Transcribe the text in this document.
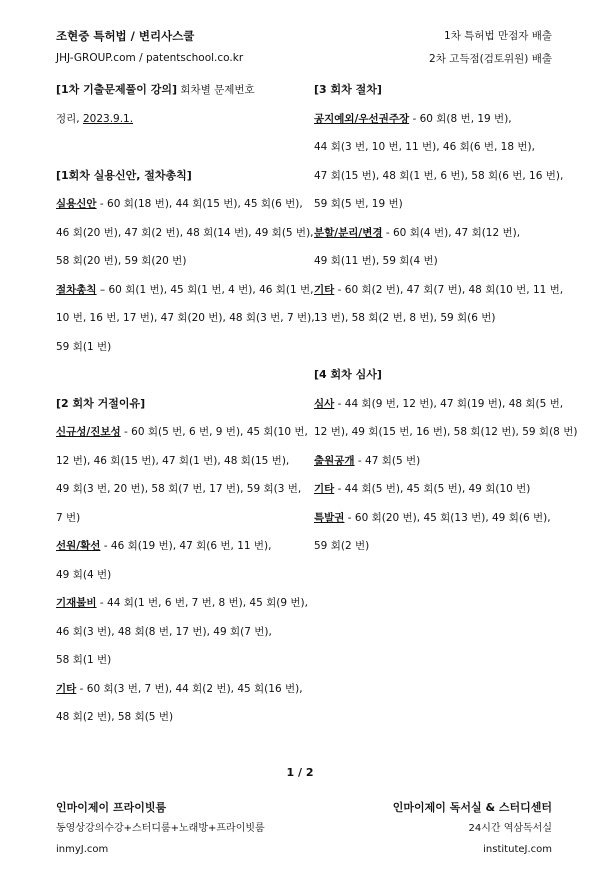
조현중 특허법 / 변리사스쿨
JHJ-GROUP.com / patentschool.co.kr
1차 특허법 만점자 배출
2차 고득점(검토위원) 배출
[1차 기출문제풀이 강의] 회차별 문제번호
정리, 2023.9.1.
[1회차 실용신안, 절차총칙]
실용신안 - 60 회(18 번), 44 회(15 번), 45 회(6 번),
46 회(20 번), 47 회(2 번), 48 회(14 번), 49 회(5 번),
58 회(20 번), 59 회(20 번)
절차총칙 – 60 회(1 번), 45 회(1 번, 4 번), 46 회(1 번,
10 번, 16 번, 17 번), 47 회(20 번), 48 회(3 번, 7 번),
59 회(1 번)
[2 회차 거절이유]
신규성/진보성 - 60 회(5 번, 6 번, 9 번), 45 회(10 번,
12 번), 46 회(15 번), 47 회(1 번), 48 회(15 번),
49 회(3 번, 20 번), 58 회(7 번, 17 번), 59 회(3 번,
7 번)
선원/확선 - 46 회(19 번), 47 회(6 번, 11 번),
49 회(4 번)
기재불비 - 44 회(1 번, 6 번, 7 번, 8 번), 45 회(9 번),
46 회(3 번), 48 회(8 번, 17 번), 49 회(7 번),
58 회(1 번)
기타 - 60 회(3 번, 7 번), 44 회(2 번), 45 회(16 번),
48 회(2 번), 58 회(5 번)
[3 회차 절차]
공지예외/우선권주장 - 60 회(8 번, 19 번),
44 회(3 번, 10 번, 11 번), 46 회(6 번, 18 번),
47 회(15 번), 48 회(1 번, 6 번), 58 회(6 번, 16 번),
59 회(5 번, 19 번)
분할/분리/변경 - 60 회(4 번), 47 회(12 번),
49 회(11 번), 59 회(4 번)
기타 - 60 회(2 번), 47 회(7 번), 48 회(10 번, 11 번,
13 번), 58 회(2 번, 8 번), 59 회(6 번)
[4 회차 심사]
심사 - 44 회(9 번, 12 번), 47 회(19 번), 48 회(5 번,
12 번), 49 회(15 번, 16 번), 58 회(12 번), 59 회(8 번)
출원공개 - 47 회(5 번)
기타 - 44 회(5 번), 45 회(5 번), 49 회(10 번)
특발권 - 60 회(20 번), 45 회(13 번), 49 회(6 번),
59 회(2 번)
1 / 2
인마이제이 프라이빗룸
동영상강의수강+스터디룸+노래방+프라이빗룸
inmyJ.com
인마이제이 독서실 & 스터디센터
24시간 역삼독서실
instituteJ.com
